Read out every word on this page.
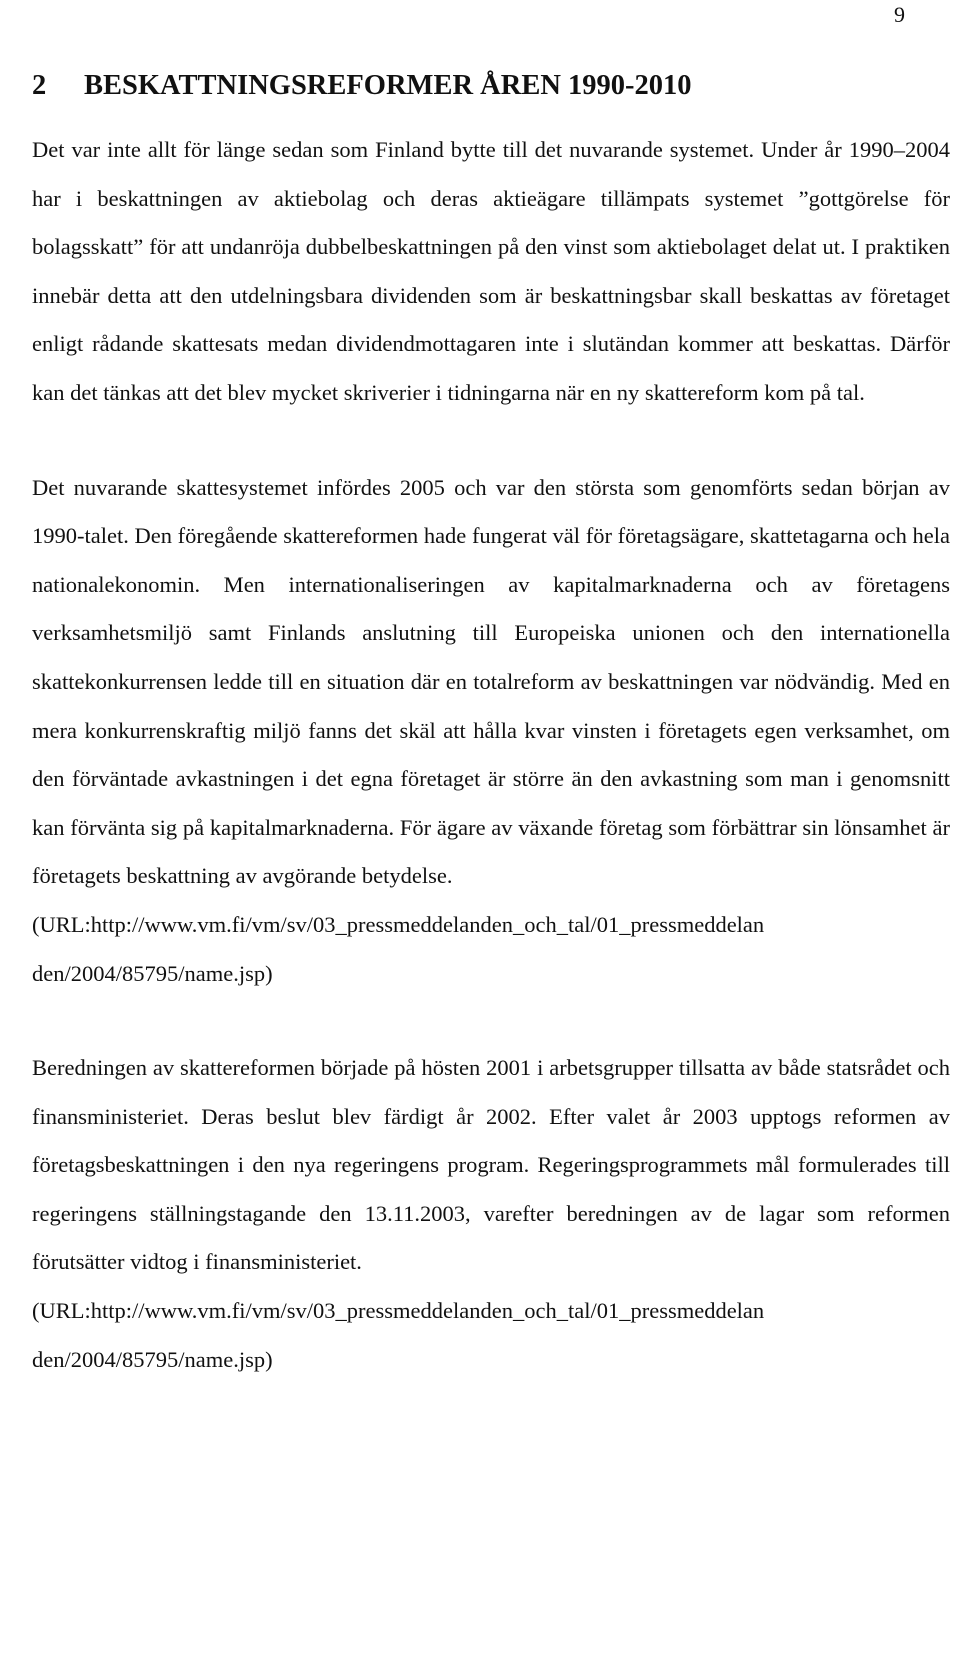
9
2 BESKATTNINGSREFORMER ÅREN 1990-2010

Det var inte allt för länge sedan som Finland bytte till det nuvarande systemet. Under år 1990–2004 har i beskattningen av aktiebolag och deras aktieägare tillämpats systemet ”gottgörelse för bolagsskatt” för att undanröja dubbelbeskattningen på den vinst som aktiebolaget delat ut. I praktiken innebär detta att den utdelningsbara dividenden som är beskattningsbar skall beskattas av företaget enligt rådande skattesats medan dividendmottagaren inte i slutändan kommer att beskattas. Därför kan det tänkas att det blev mycket skriverier i tidningarna när en ny skattereform kom på tal.

Det nuvarande skattesystemet infördes 2005 och var den största som genomförts sedan början av 1990-talet. Den föregående skattereformen hade fungerat väl för företagsägare, skattetagarna och hela nationalekonomin. Men internationaliseringen av kapitalmarknaderna och av företagens verksamhetsmiljö samt Finlands anslutning till Europeiska unionen och den internationella skattekonkurrensen ledde till en situation där en totalreform av beskattningen var nödvändig. Med en mera konkurrenskraftig miljö fanns det skäl att hålla kvar vinsten i företagets egen verksamhet, om den förväntade avkastningen i det egna företaget är större än den avkastning som man i genomsnitt kan förvänta sig på kapitalmarknaderna. För ägare av växande företag som förbättrar sin lönsamhet är företagets beskattning av avgörande betydelse.

(URL:http://www.vm.fi/vm/sv/03_pressmeddelanden_och_tal/01_pressmeddelan
den/2004/85795/name.jsp)

Beredningen av skattereformen började på hösten 2001 i arbetsgrupper tillsatta av både statsrådet och finansministeriet. Deras beslut blev färdigt år 2002. Efter valet år 2003 upptogs reformen av företagsbeskattningen i den nya regeringens program. Regeringsprogrammets mål formulerades till regeringens ställningstagande den 13.11.2003, varefter beredningen av de lagar som reformen förutsätter vidtog i finansministeriet.

(URL:http://www.vm.fi/vm/sv/03_pressmeddelanden_och_tal/01_pressmeddelan
den/2004/85795/name.jsp)
